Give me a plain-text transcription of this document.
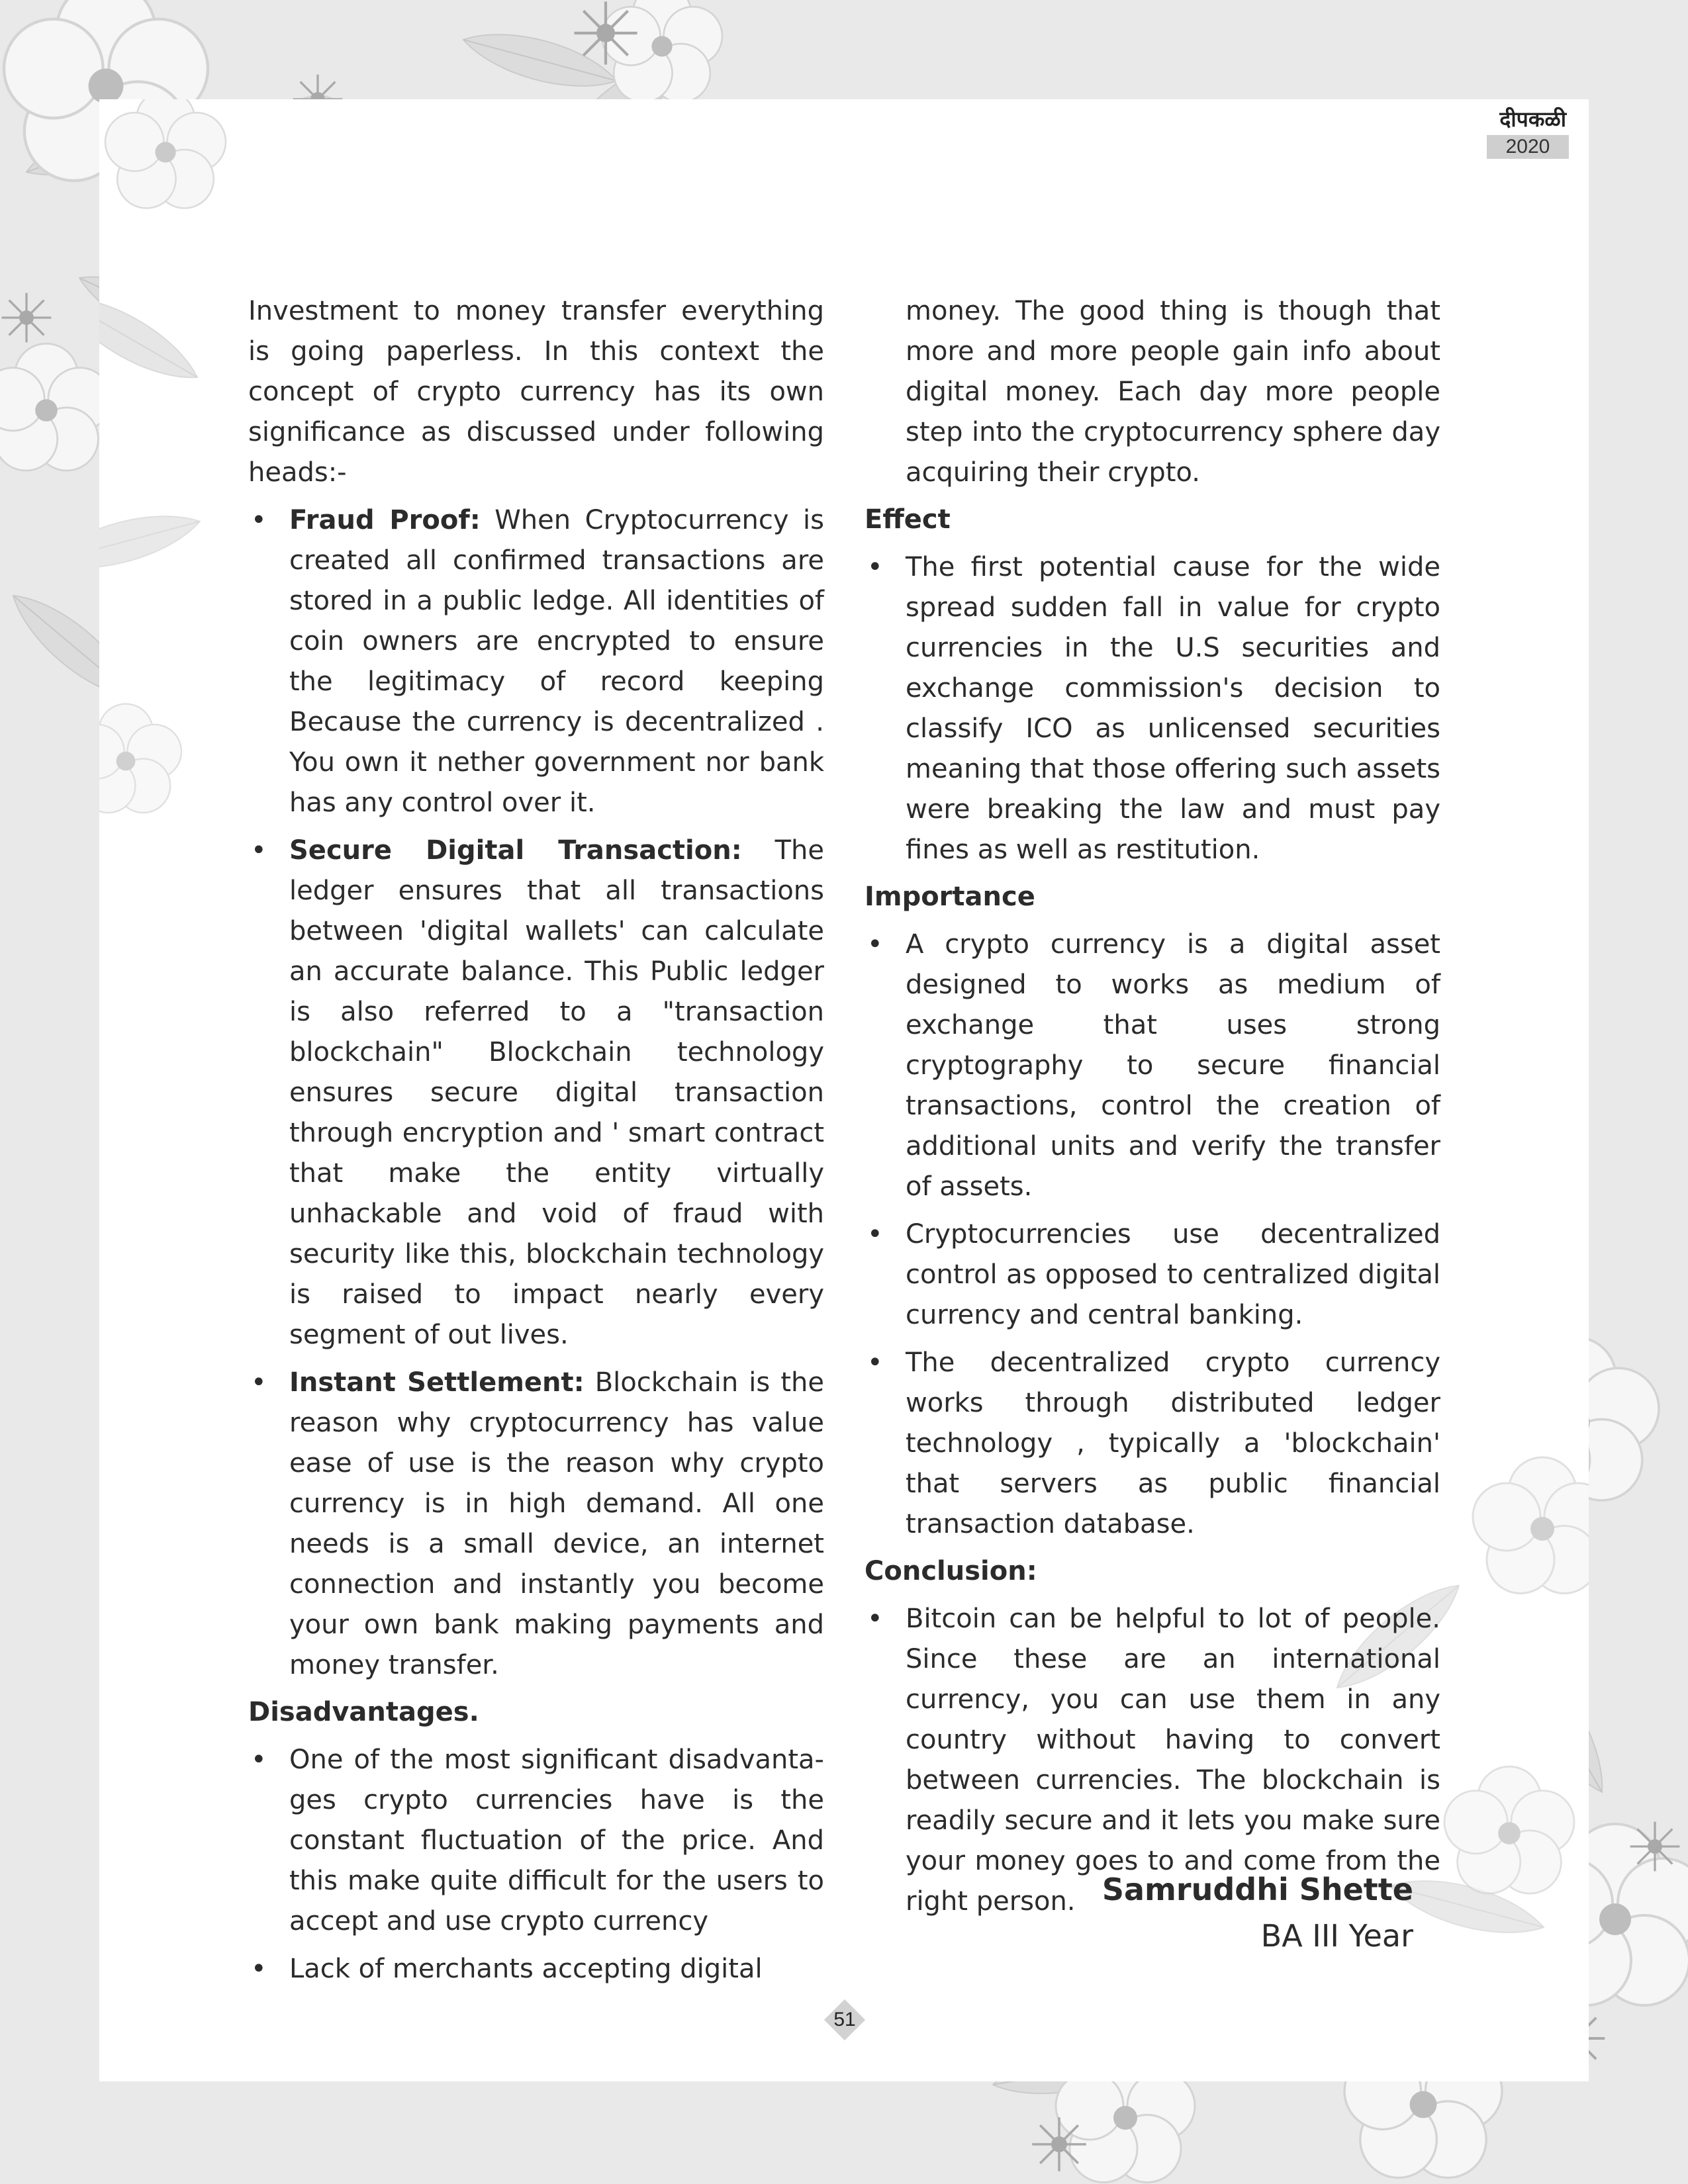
दीपकळी
2020

Investment to money transfer everything is going paperless. In this context the concept of crypto currency has its own significance as discussed under following heads:-

• Fraud Proof: When Cryptocurrency is created all confirmed transactions are stored in a public ledge. All identities of coin owners are encrypted to ensure the legitimacy of record keeping Because the currency is decentralized . You own it nether government nor bank has any control over it.
• Secure Digital Transaction: The ledger ensures that all transactions between 'digital wallets' can calculate an accurate balance. This Public ledger is also referred to a "transaction blockchain" Blockchain technology ensures secure digital transaction through encryption and ' smart contract that make the entity virtually unhackable and void of fraud with security like this, blockchain technology is raised to impact nearly every segment of out lives.
• Instant Settlement: Blockchain is the reason why cryptocurrency has value ease of use is the reason why crypto currency is in high demand. All one needs is a small device, an internet connection and instantly you become your own bank making payments and money transfer.
Disadvantages.
• One of the most significant disadvanta-ges crypto currencies have is the constant fluctuation of the price. And this make quite difficult for the users to accept and use crypto currency
• Lack of merchants accepting digital

money. The good thing is though that more and more people gain info about digital money. Each day more people step into the cryptocurrency sphere day acquiring their crypto.

Effect
• The first potential cause for the wide spread sudden fall in value for crypto currencies in the U.S securities and exchange commission's decision to classify ICO as unlicensed securities meaning that those offering such assets were breaking the law and must pay fines as well as restitution.
Importance
• A crypto currency is a digital asset designed to works as medium of exchange that uses strong cryptography to secure financial transactions, control the creation of additional units and verify the transfer of assets.
• Cryptocurrencies use decentralized control as opposed to centralized digital currency and central banking.
• The decentralized crypto currency works through distributed ledger technology , typically a 'blockchain' that servers as public financial transaction database.
Conclusion:
• Bitcoin can be helpful to lot of people. Since these are an international currency, you can use them in any country without having to convert between currencies. The blockchain is readily secure and it lets you make sure your money goes to and come from the right person. Samruddhi Shette
BA III Year
51
